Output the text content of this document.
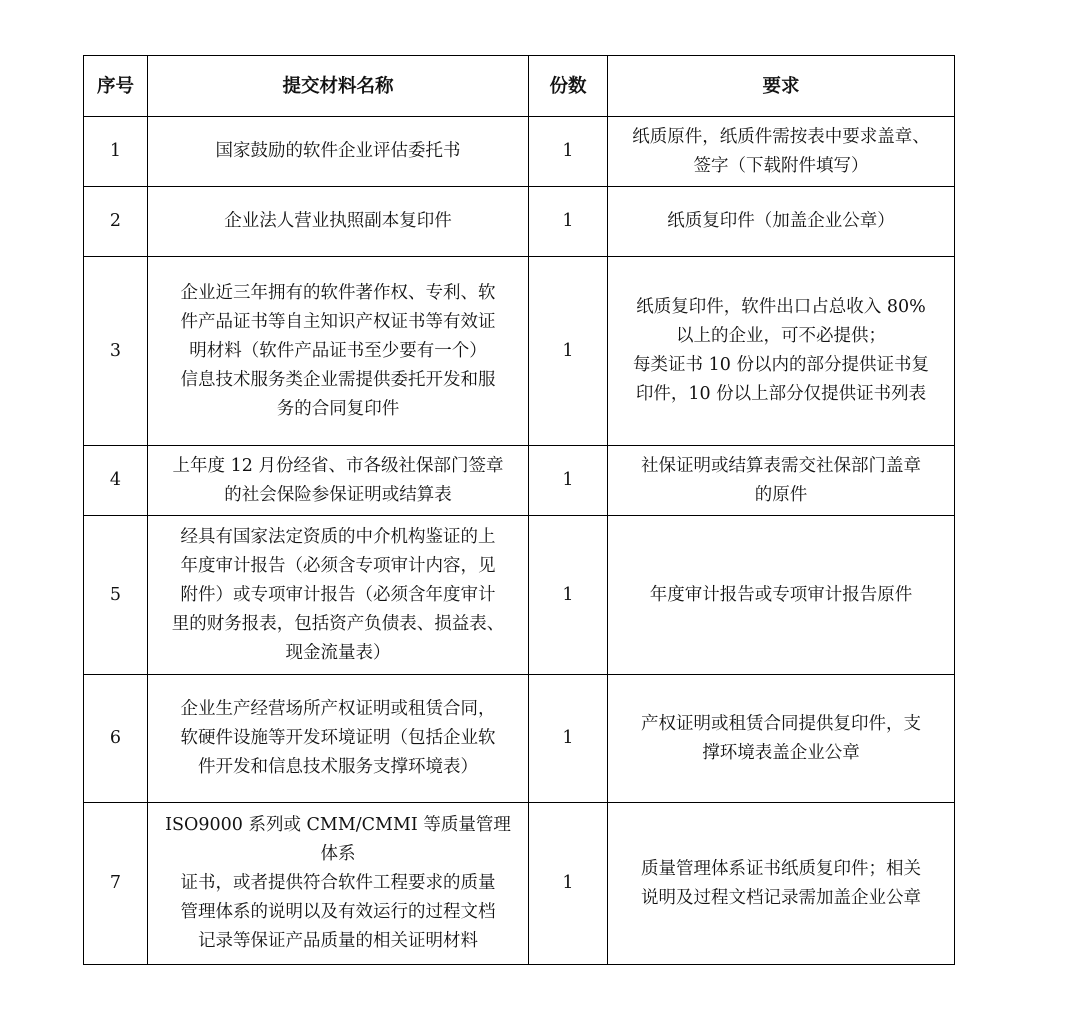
序号	提交材料名称	份数	要求
1	国家鼓励的软件企业评估委托书	1	纸质原件，纸质件需按表中要求盖章、
签字（下载附件填写）

2	企业法人营业执照副本复印件	1	纸质复印件（加盖企业公章）

3	企业近三年拥有的软件著作权、专利、软
件产品证书等自主知识产权证书等有效证
明材料（软件产品证书至少要有一个）
信息技术服务类企业需提供委托开发和服
务的合同复印件	1	纸质复印件，软件出口占总收入 80%
以上的企业，可不必提供；
每类证书 10 份以内的部分提供证书复
印件，10 份以上部分仅提供证书列表

4	上年度 12 月份经省、市各级社保部门签章
的社会保险参保证明或结算表	1	社保证明或结算表需交社保部门盖章
的原件

5	经具有国家法定资质的中介机构鉴证的上
年度审计报告（必须含专项审计内容，见
附件）或专项审计报告（必须含年度审计
里的财务报表，包括资产负债表、损益表、
现金流量表）	1	年度审计报告或专项审计报告原件

6	企业生产经营场所产权证明或租赁合同，
软硬件设施等开发环境证明（包括企业软
件开发和信息技术服务支撑环境表）	1	产权证明或租赁合同提供复印件，支
撑环境表盖企业公章

7	ISO9000 系列或 CMM/CMMI 等质量管理体系
证书，或者提供符合软件工程要求的质量
管理体系的说明以及有效运行的过程文档
记录等保证产品质量的相关证明材料	1	质量管理体系证书纸质复印件；相关
说明及过程文档记录需加盖企业公章
